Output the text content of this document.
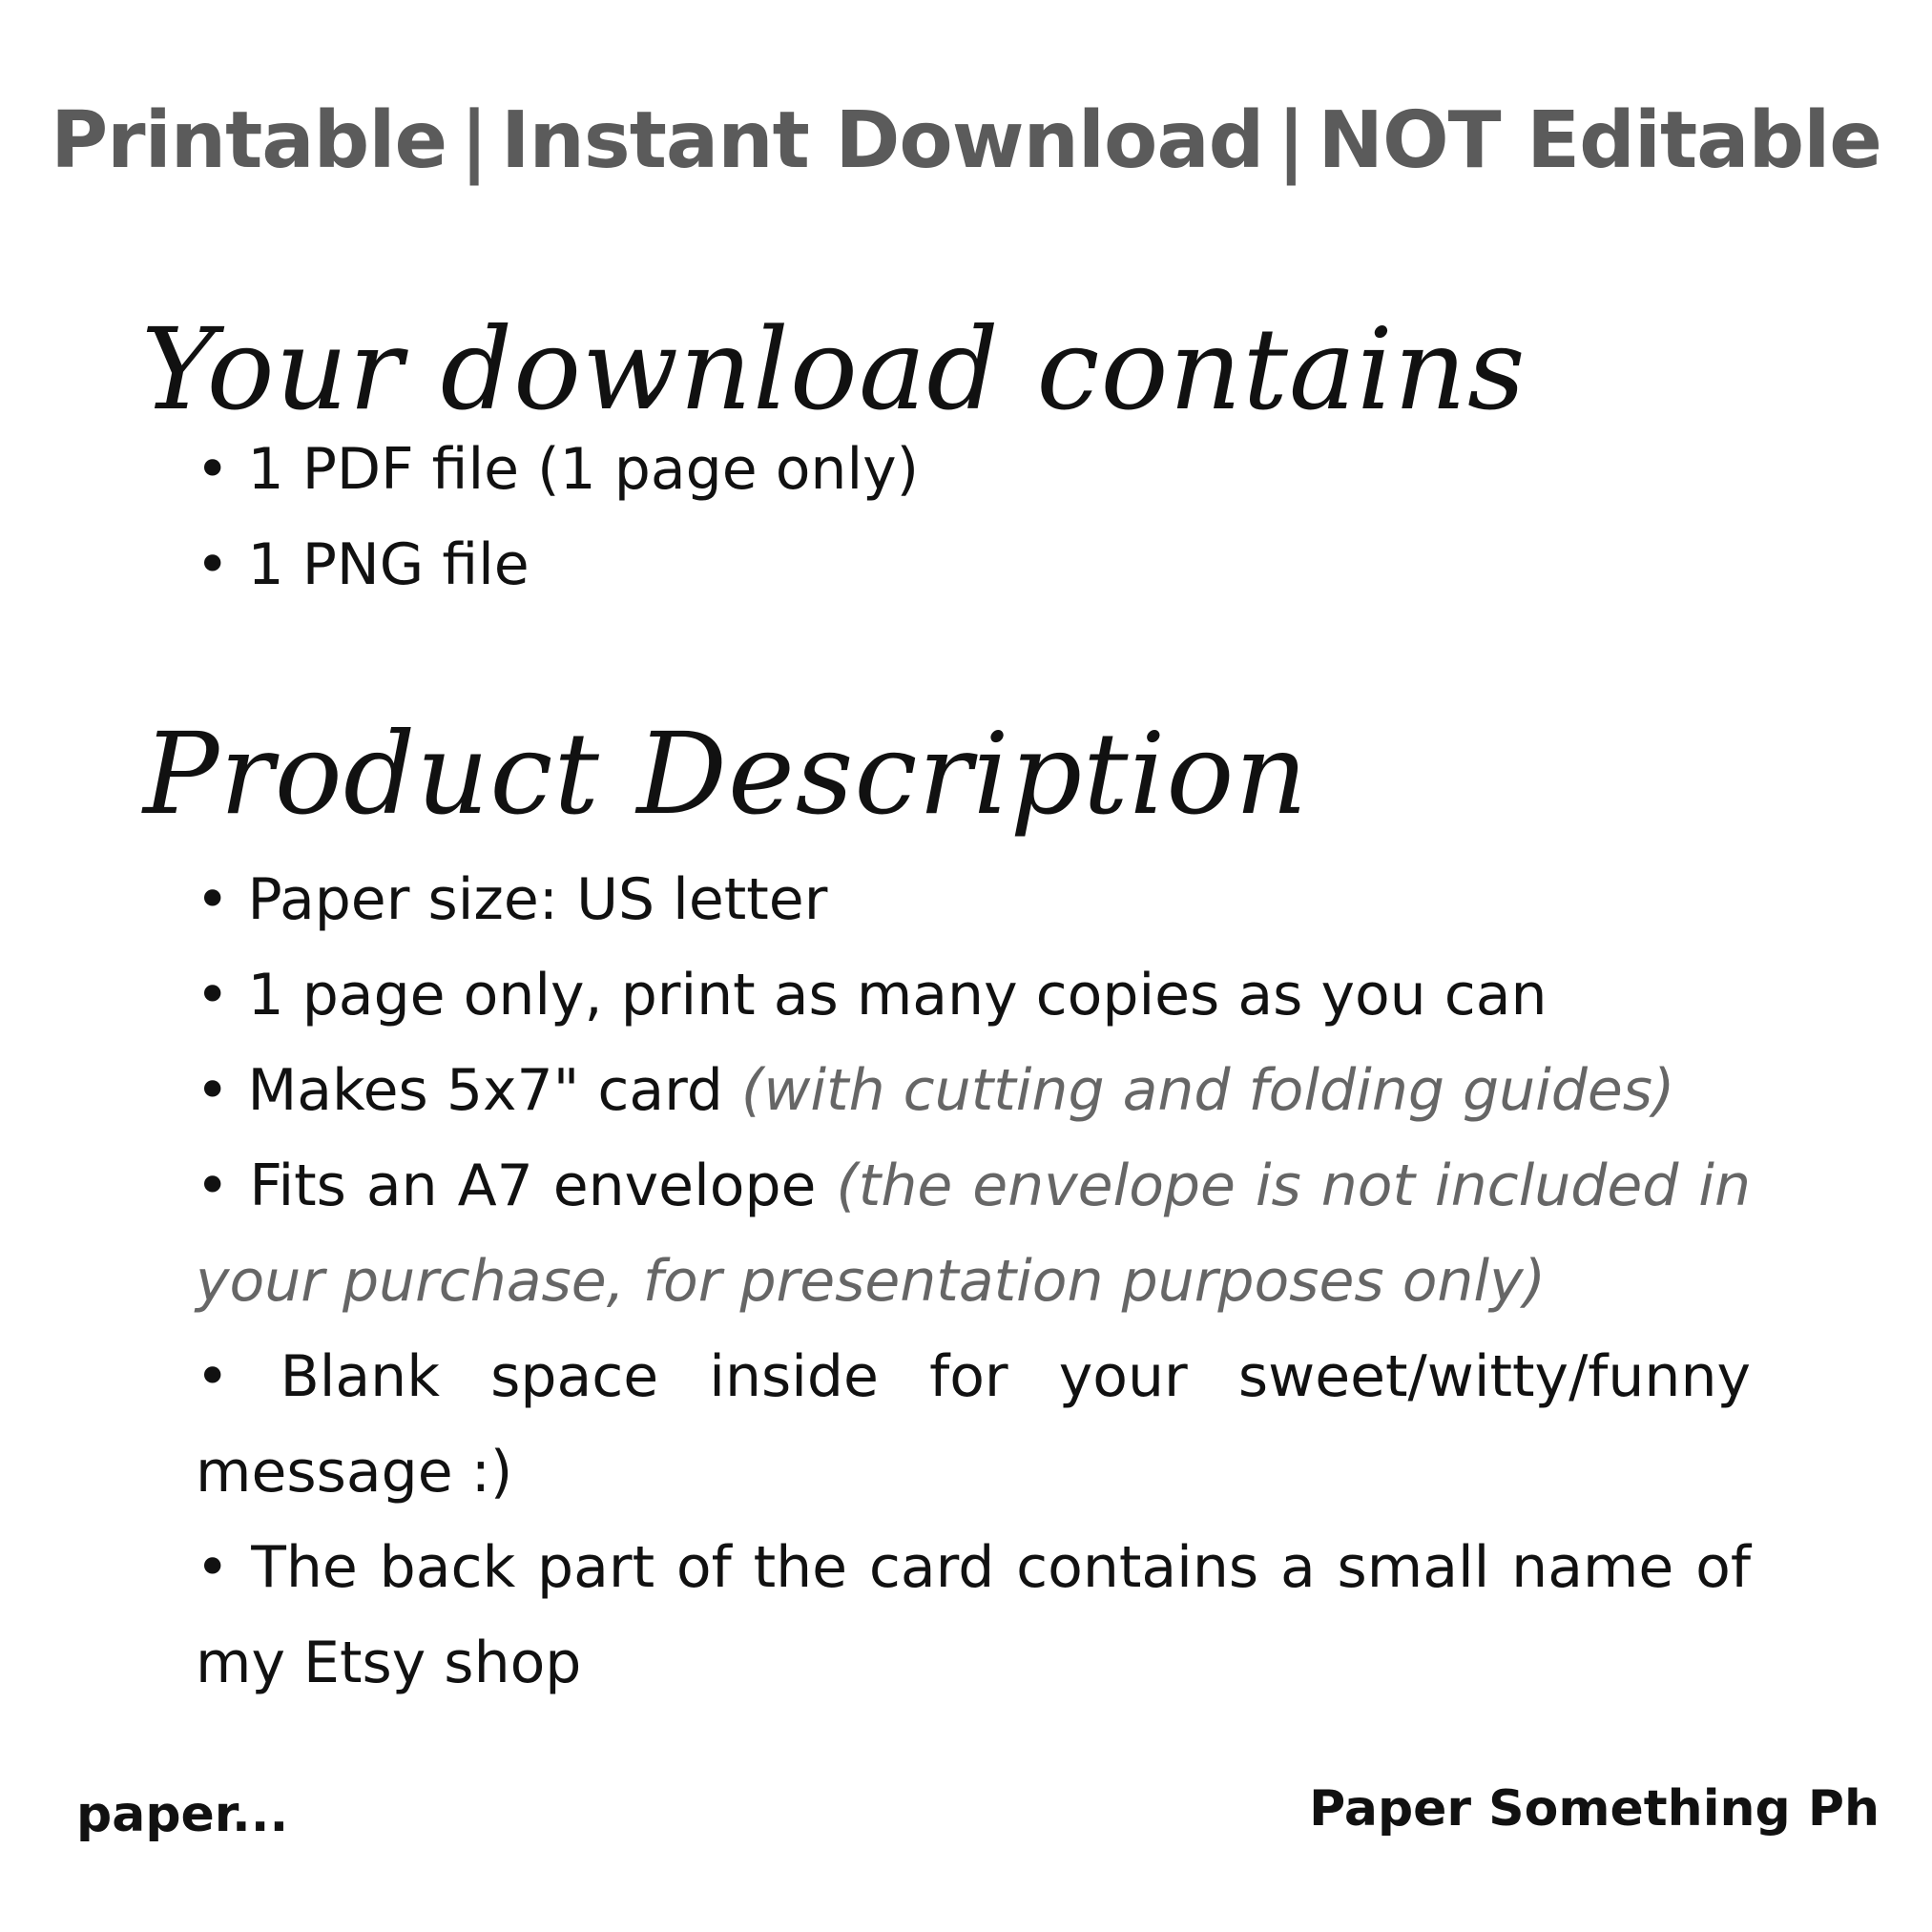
Printable | Instant Download | NOT Editable
Your download contains
• 1 PDF file (1 page only)
• 1 PNG file
Product Description
• Paper size: US letter
• 1 page only, print as many copies as you can
• Makes 5x7" card (with cutting and folding guides)
• Fits an A7 envelope (the envelope is not included in your purchase, for presentation purposes only)
• Blank space inside for your sweet/witty/funny message :)
• The back part of the card contains a small name of my Etsy shop
paper...	Paper Something Ph
